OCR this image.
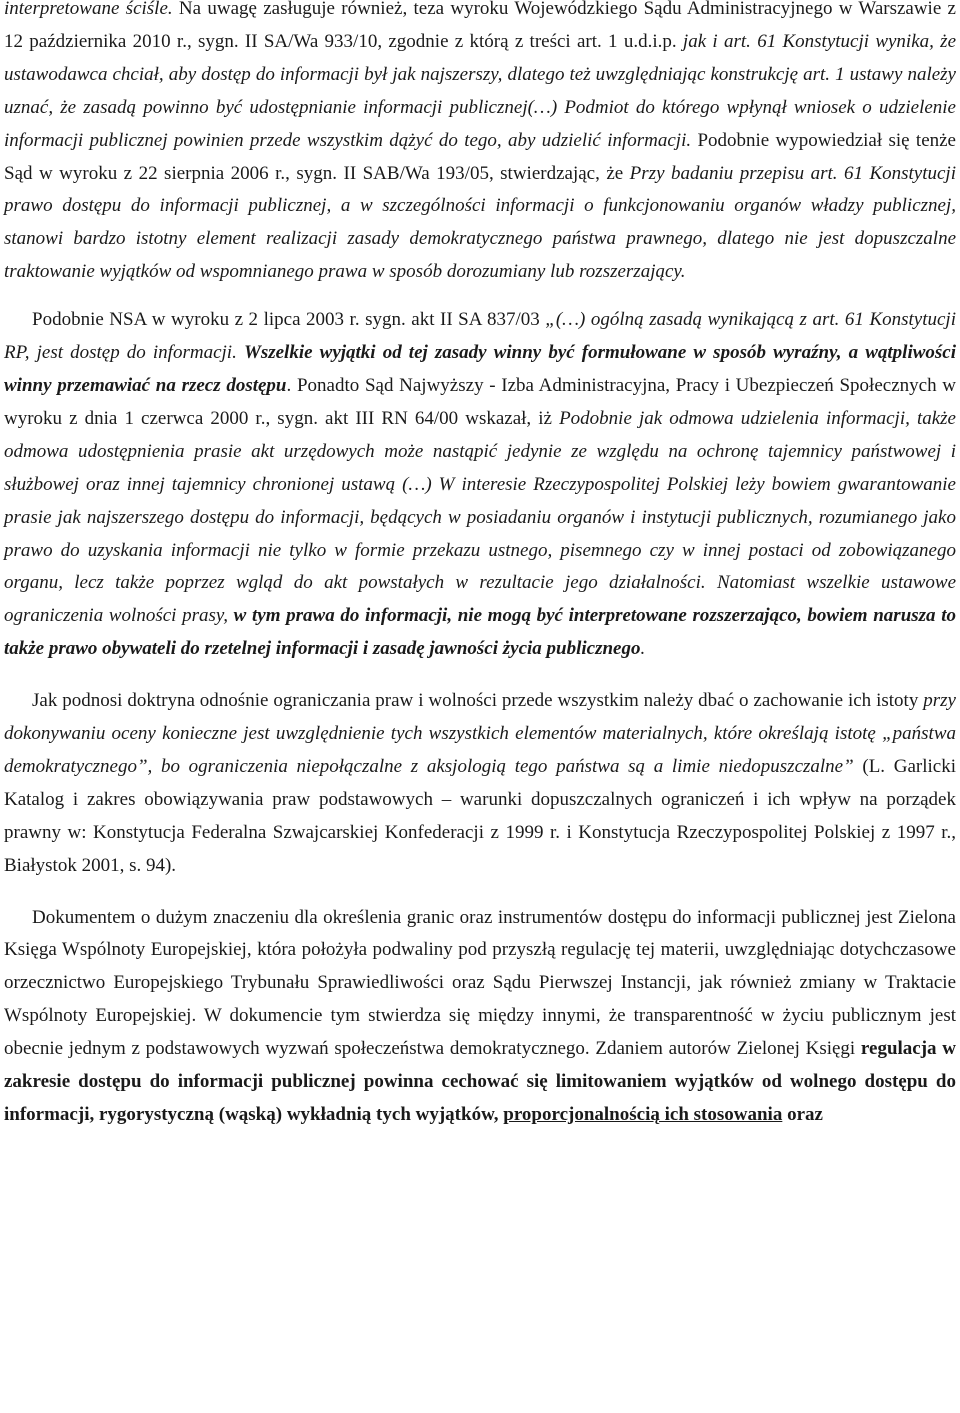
interpretowane ściśle. Na uwagę zasługuje również, teza wyroku Wojewódzkiego Sądu Administracyjnego w Warszawie z 12 października 2010 r., sygn. II SA/Wa 933/10, zgodnie z którą z treści art. 1 u.d.i.p. jak i art. 61 Konstytucji wynika, że ustawodawca chciał, aby dostęp do informacji był jak najszerszy, dlatego też uwzględniając konstrukcję art. 1 ustawy należy uznać, że zasadą powinno być udostępnianie informacji publicznej(…) Podmiot do którego wpłynął wniosek o udzielenie informacji publicznej powinien przede wszystkim dążyć do tego, aby udzielić informacji. Podobnie wypowiedział się tenże Sąd w wyroku z 22 sierpnia 2006 r., sygn. II SAB/Wa 193/05, stwierdzając, że Przy badaniu przepisu art. 61 Konstytucji prawo dostępu do informacji publicznej, a w szczególności informacji o funkcjonowaniu organów władzy publicznej, stanowi bardzo istotny element realizacji zasady demokratycznego państwa prawnego, dlatego nie jest dopuszczalne traktowanie wyjątków od wspomnianego prawa w sposób dorozumiany lub rozszerzający.

Podobnie NSA w wyroku z 2 lipca 2003 r. sygn. akt II SA 837/03 „(…) ogólną zasadą wynikającą z art. 61 Konstytucji RP, jest dostęp do informacji. Wszelkie wyjątki od tej zasady winny być formułowane w sposób wyraźny, a wątpliwości winny przemawiać na rzecz dostępu. Ponadto Sąd Najwyższy - Izba Administracyjna, Pracy i Ubezpieczeń Społecznych w wyroku z dnia 1 czerwca 2000 r., sygn. akt III RN 64/00 wskazał, iż Podobnie jak odmowa udzielenia informacji, także odmowa udostępnienia prasie akt urzędowych może nastąpić jedynie ze względu na ochronę tajemnicy państwowej i służbowej oraz innej tajemnicy chronionej ustawą (…) W interesie Rzeczypospolitej Polskiej leży bowiem gwarantowanie prasie jak najszerszego dostępu do informacji, będących w posiadaniu organów i instytucji publicznych, rozumianego jako prawo do uzyskania informacji nie tylko w formie przekazu ustnego, pisemnego czy w innej postaci od zobowiązanego organu, lecz także poprzez wgląd do akt powstałych w rezultacie jego działalności. Natomiast wszelkie ustawowe ograniczenia wolności prasy, w tym prawa do informacji, nie mogą być interpretowane rozszerzająco, bowiem narusza to także prawo obywateli do rzetelnej informacji i zasadę jawności życia publicznego.

Jak podnosi doktryna odnośnie ograniczania praw i wolności przede wszystkim należy dbać o zachowanie ich istoty przy dokonywaniu oceny konieczne jest uwzględnienie tych wszystkich elementów materialnych, które określają istotę „państwa demokratycznego”, bo ograniczenia niepołączalne z aksjologią tego państwa są a limie niedopuszczalne” (L. Garlicki Katalog i zakres obowiązywania praw podstawowych – warunki dopuszczalnych ograniczeń i ich wpływ na porządek prawny w: Konstytucja Federalna Szwajcarskiej Konfederacji z 1999 r. i Konstytucja Rzeczypospolitej Polskiej z 1997 r., Białystok 2001, s. 94).

Dokumentem o dużym znaczeniu dla określenia granic oraz instrumentów dostępu do informacji publicznej jest Zielona Księga Wspólnoty Europejskiej, która położyła podwaliny pod przyszłą regulację tej materii, uwzględniając dotychczasowe orzecznictwo Europejskiego Trybunału Sprawiedliwości oraz Sądu Pierwszej Instancji, jak również zmiany w Traktacie Wspólnoty Europejskiej. W dokumencie tym stwierdza się między innymi, że transparentność w życiu publicznym jest obecnie jednym z podstawowych wyzwań społeczeństwa demokratycznego. Zdaniem autorów Zielonej Księgi regulacja w zakresie dostępu do informacji publicznej powinna cechować się limitowaniem wyjątków od wolnego dostępu do informacji, rygorystyczną (wąską) wykładnią tych wyjątków, proporcjonalnością ich stosowania oraz
